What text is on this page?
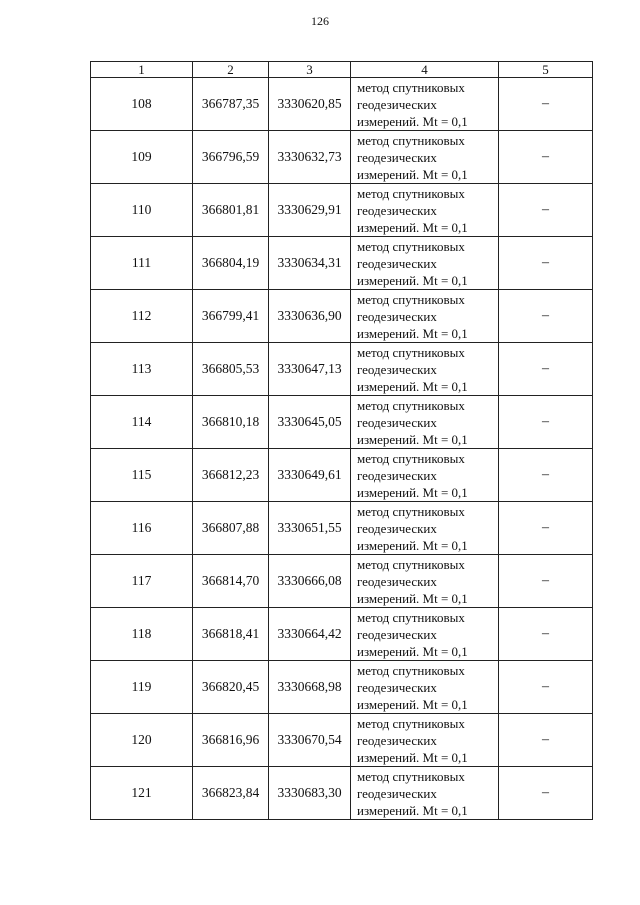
126
1	2	3	4	5
108	366787,35	3330620,85	метод спутниковых
геодезических
измерений. Mt = 0,1	–
109	366796,59	3330632,73	метод спутниковых
геодезических
измерений. Mt = 0,1	–
110	366801,81	3330629,91	метод спутниковых
геодезических
измерений. Mt = 0,1	–
111	366804,19	3330634,31	метод спутниковых
геодезических
измерений. Mt = 0,1	–
112	366799,41	3330636,90	метод спутниковых
геодезических
измерений. Mt = 0,1	–
113	366805,53	3330647,13	метод спутниковых
геодезических
измерений. Mt = 0,1	–
114	366810,18	3330645,05	метод спутниковых
геодезических
измерений. Mt = 0,1	–
115	366812,23	3330649,61	метод спутниковых
геодезических
измерений. Mt = 0,1	–
116	366807,88	3330651,55	метод спутниковых
геодезических
измерений. Mt = 0,1	–
117	366814,70	3330666,08	метод спутниковых
геодезических
измерений. Mt = 0,1	–
118	366818,41	3330664,42	метод спутниковых
геодезических
измерений. Mt = 0,1	–
119	366820,45	3330668,98	метод спутниковых
геодезических
измерений. Mt = 0,1	–
120	366816,96	3330670,54	метод спутниковых
геодезических
измерений. Mt = 0,1	–
121	366823,84	3330683,30	метод спутниковых
геодезических
измерений. Mt = 0,1	–
